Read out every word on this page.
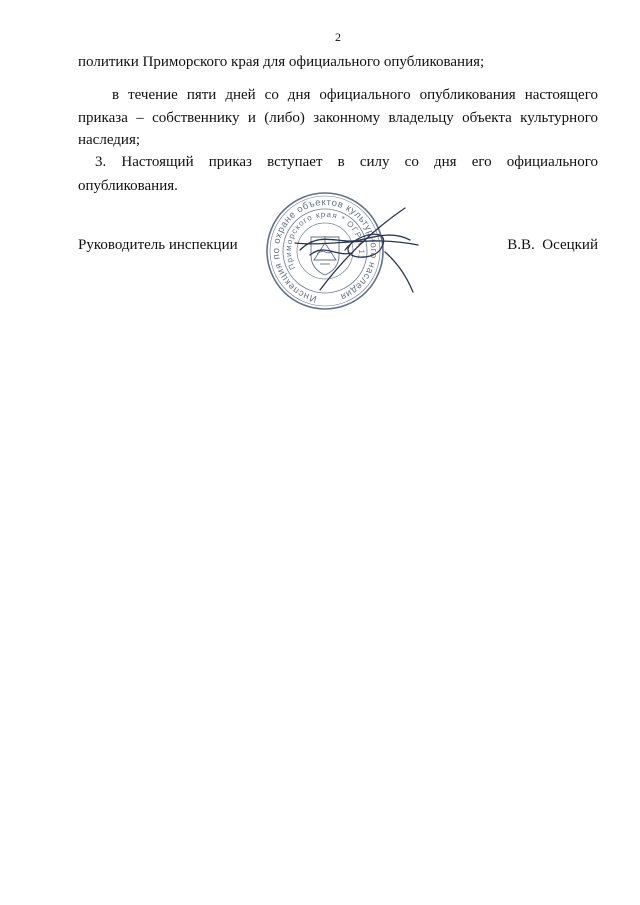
2
политики Приморского края для официального опубликования;
в течение пяти дней со дня официального опубликования настоящего
приказа – собственнику и (либо) законному владельцу объекта культурного
наследия;
3. Настоящий приказ вступает в силу со дня его официального
опубликования.
Руководитель инспекции	В.В.  Осецкий
Инспекция по охране объектов культурного наследия
Приморского края * ОГРН 11
